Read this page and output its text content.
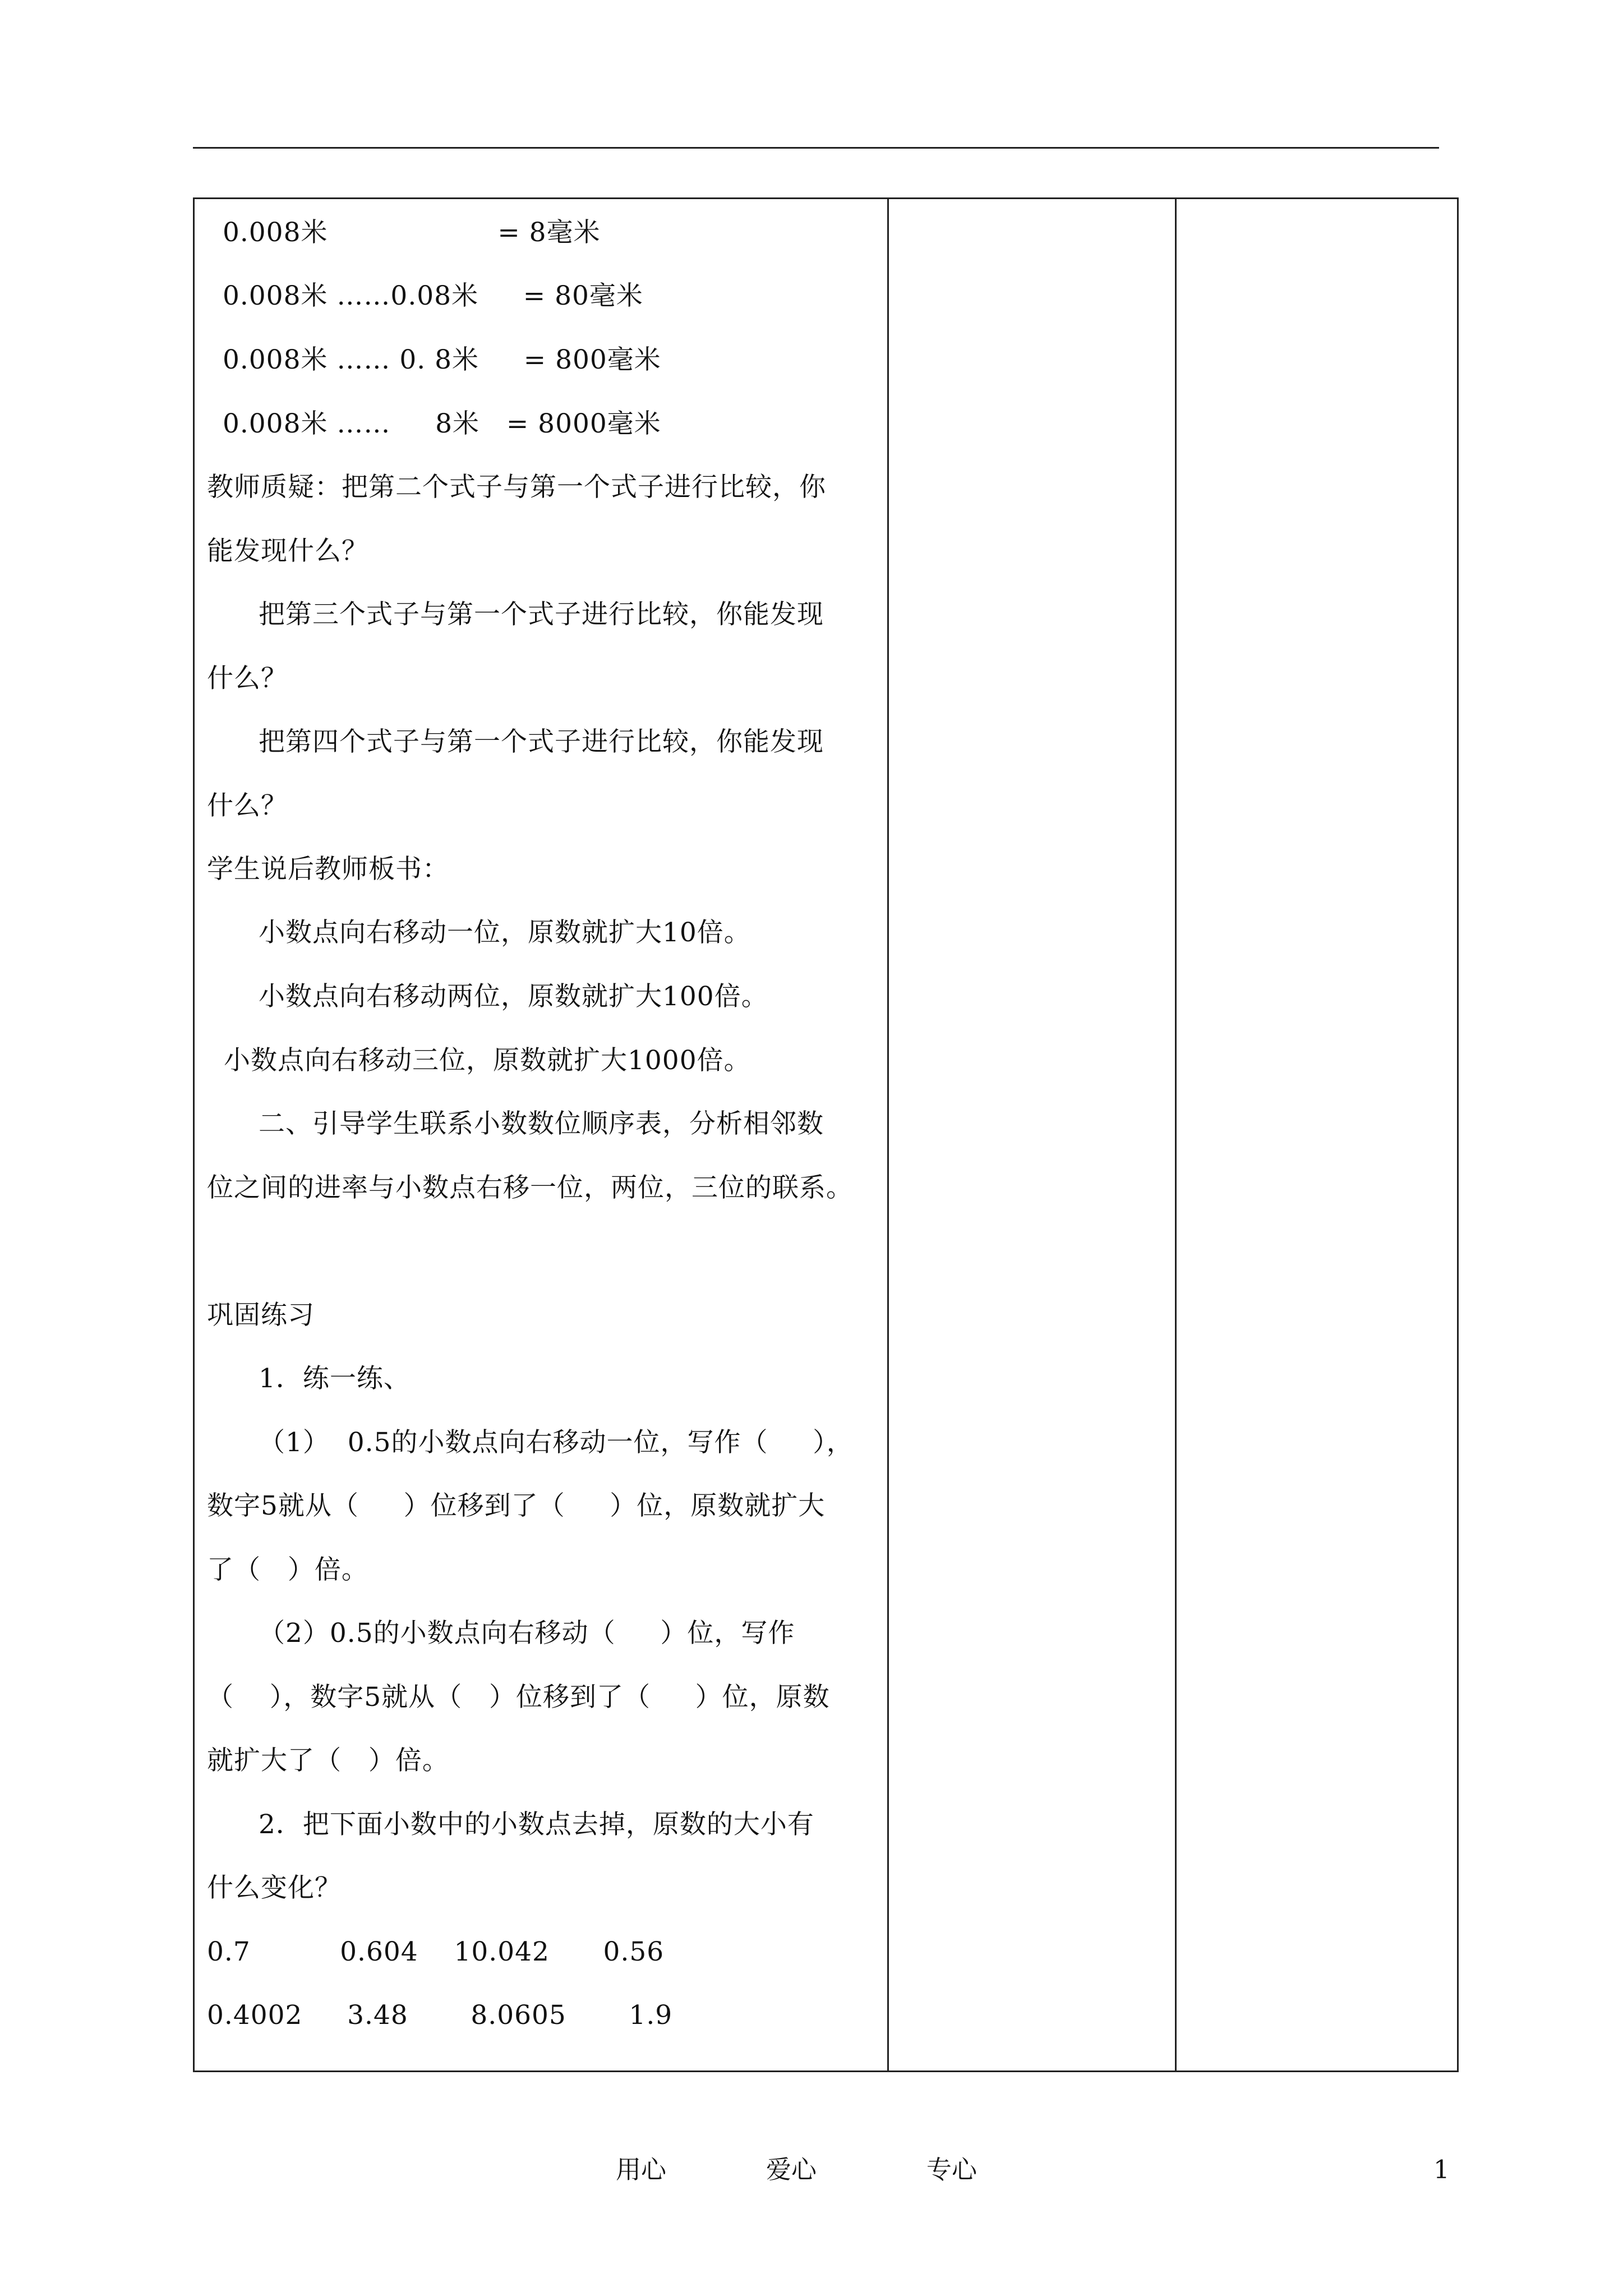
0.008米                   = 8毫米
0.008米 ……0.08米     = 80毫米
0.008米 …… 0. 8米     = 800毫米
0.008米 ……     8米   = 8000毫米
教师质疑：把第二个式子与第一个式子进行比较，你
能发现什么？
把第三个式子与第一个式子进行比较，你能发现
什么？
把第四个式子与第一个式子进行比较，你能发现
什么？
学生说后教师板书：
小数点向右移动一位，原数就扩大10倍。
小数点向右移动两位，原数就扩大100倍。
小数点向右移动三位，原数就扩大1000倍。
二、引导学生联系小数数位顺序表，分析相邻数
位之间的进率与小数点右移一位，两位，三位的联系。
巩固练习
1．练一练、
（1）  0.5的小数点向右移动一位，写作（     ），
数字5就从（     ）位移到了（     ）位，原数就扩大
了（   ）倍。
（2）0.5的小数点向右移动（     ）位，写作
（    ），数字5就从（   ）位移到了（     ）位，原数
就扩大了（   ）倍。
2．把下面小数中的小数点去掉，原数的大小有
什么变化？
0.7          0.604    10.042      0.56
0.4002     3.48       8.0605       1.9
用心	爱心	专心	1
